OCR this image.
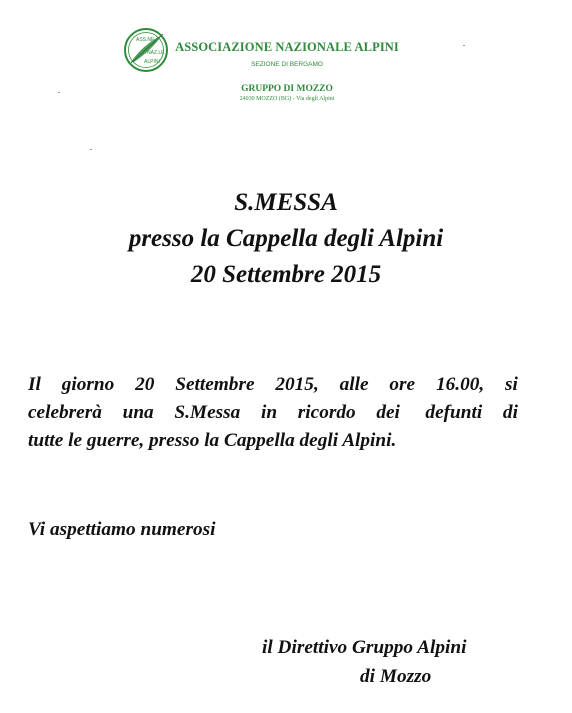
ASS.NE
NAZ.LE
ALPINI
ASSOCIAZIONE NAZIONALE ALPINI
SEZIONE DI BERGAMO
GRUPPO DI MOZZO
24030 MOZZO (BG) - Via degli Alpini
S.MESSA
presso la Cappella degli Alpini
20 Settembre 2015
Il giorno 20 Settembre 2015, alle ore 16.00, si
celebrerà una S.Messa in ricordo dei defunti di
tutte le guerre, presso la Cappella degli Alpini.
Vi aspettiamo numerosi
il Direttivo Gruppo Alpini
di Mozzo
